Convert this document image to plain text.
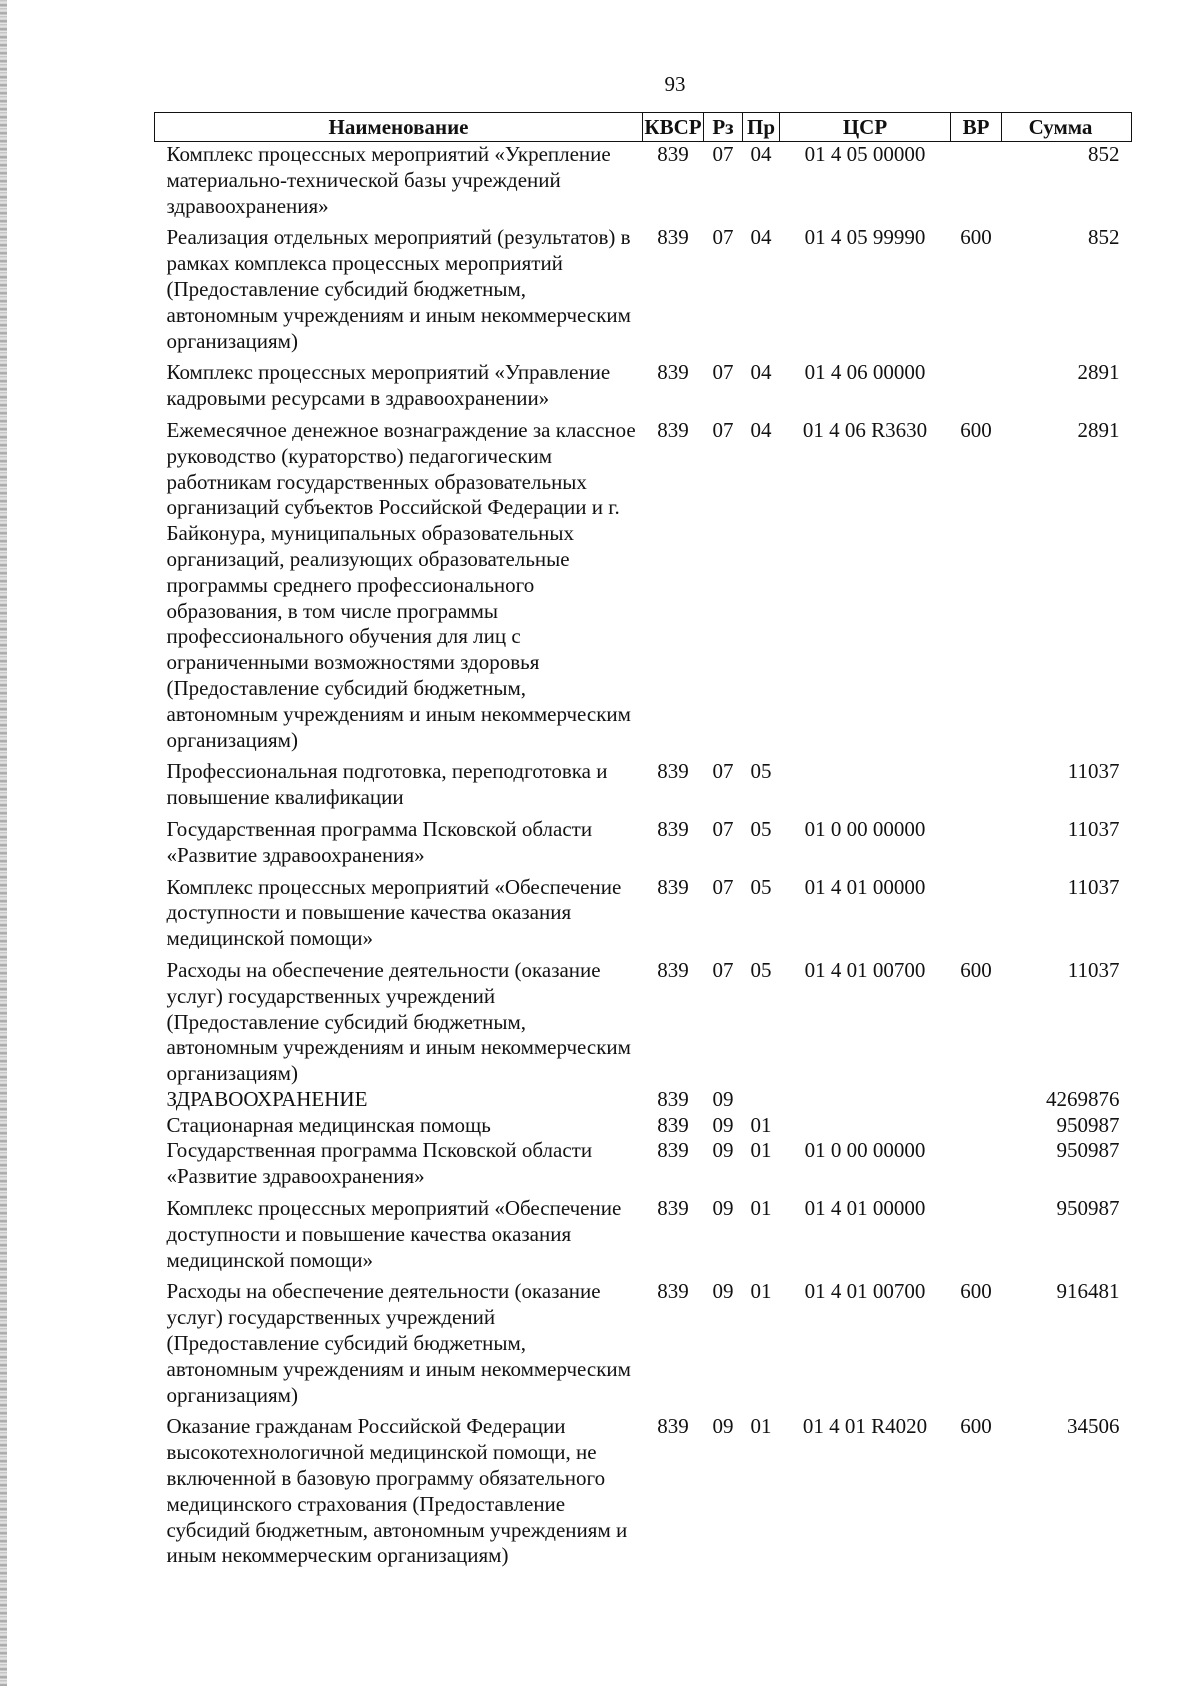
93
Наименование	КВСР	Рз	Пр	ЦСР	ВР	Сумма
Комплекс процессных мероприятий «Укрепление материально-технической базы учреждений здравоохранения»	839	07	04	01 4 05 00000		852
Реализация отдельных мероприятий (результатов) в рамках комплекса процессных мероприятий (Предоставление субсидий бюджетным, автономным учреждениям и иным некоммерческим организациям)	839	07	04	01 4 05 99990	600	852
Комплекс процессных мероприятий «Управление кадровыми ресурсами в здравоохранении»	839	07	04	01 4 06 00000		2891
Ежемесячное денежное вознаграждение за классное руководство (кураторство) педагогическим работникам государственных образовательных организаций субъектов Российской Федерации и г. Байконура, муниципальных образовательных организаций, реализующих образовательные программы среднего профессионального образования, в том числе программы профессионального обучения для лиц с ограниченными возможностями здоровья (Предоставление субсидий бюджетным, автономным учреждениям и иным некоммерческим организациям)	839	07	04	01 4 06 R3630	600	2891
Профессиональная подготовка, переподготовка и повышение квалификации	839	07	05			11037
Государственная программа Псковской области «Развитие здравоохранения»	839	07	05	01 0 00 00000		11037
Комплекс процессных мероприятий «Обеспечение доступности и повышение качества оказания медицинской помощи»	839	07	05	01 4 01 00000		11037
Расходы на обеспечение деятельности (оказание услуг) государственных учреждений (Предоставление субсидий бюджетным, автономным учреждениям и иным некоммерческим организациям)	839	07	05	01 4 01 00700	600	11037
ЗДРАВООХРАНЕНИЕ	839	09				4269876
Стационарная медицинская помощь	839	09	01			950987
Государственная программа Псковской области «Развитие здравоохранения»	839	09	01	01 0 00 00000		950987
Комплекс процессных мероприятий «Обеспечение доступности и повышение качества оказания медицинской помощи»	839	09	01	01 4 01 00000		950987
Расходы на обеспечение деятельности (оказание услуг) государственных учреждений (Предоставление субсидий бюджетным, автономным учреждениям и иным некоммерческим организациям)	839	09	01	01 4 01 00700	600	916481
Оказание гражданам Российской Федерации высокотехнологичной медицинской помощи, не включенной в базовую программу обязательного медицинского страхования (Предоставление субсидий бюджетным, автономным учреждениям и иным некоммерческим организациям)	839	09	01	01 4 01 R4020	600	34506
